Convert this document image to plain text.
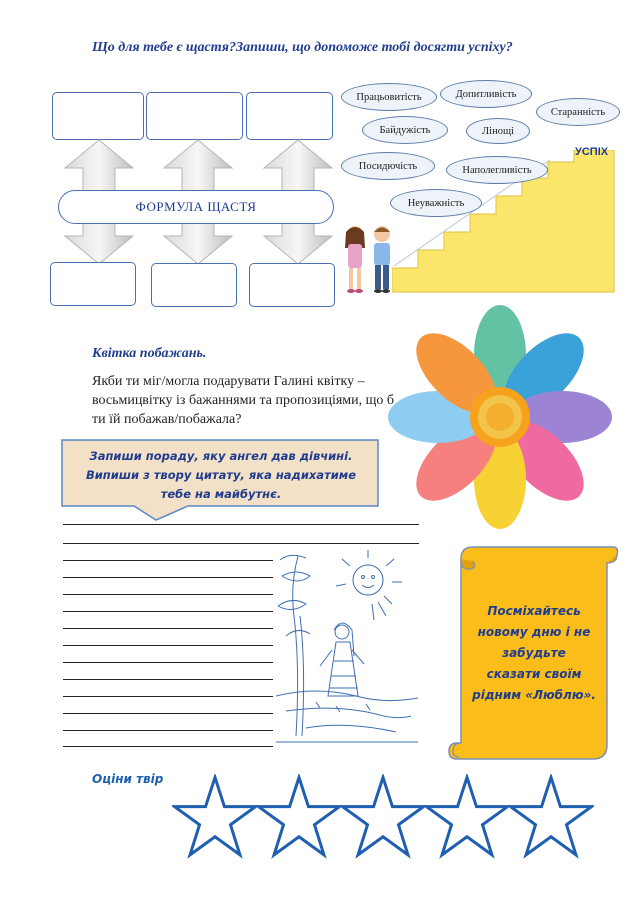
Що для тебе є щастя?Запиши, що допоможе тобі досягти успіху?
ФОРМУЛА ЩАСТЯ
УСПІХ
Працьовитість	Допитливість
Старанність
Байдужість	Лінощі
Посидючість	Наполегливість
Неуважність
Квітка побажань.
Якби ти міг/могла подарувати Галині квітку – восьмицвітку із бажаннями та пропозиціями, що б ти їй побажав/побажала?
Запиши пораду, яку ангел дав дівчині.
Випиши з твору цитату, яка надихатиме
тебе на майбутнє.
Посміхайтесь
новому дню і не
забудьте
сказати своїм
рідним «Люблю».
Оціни твір
